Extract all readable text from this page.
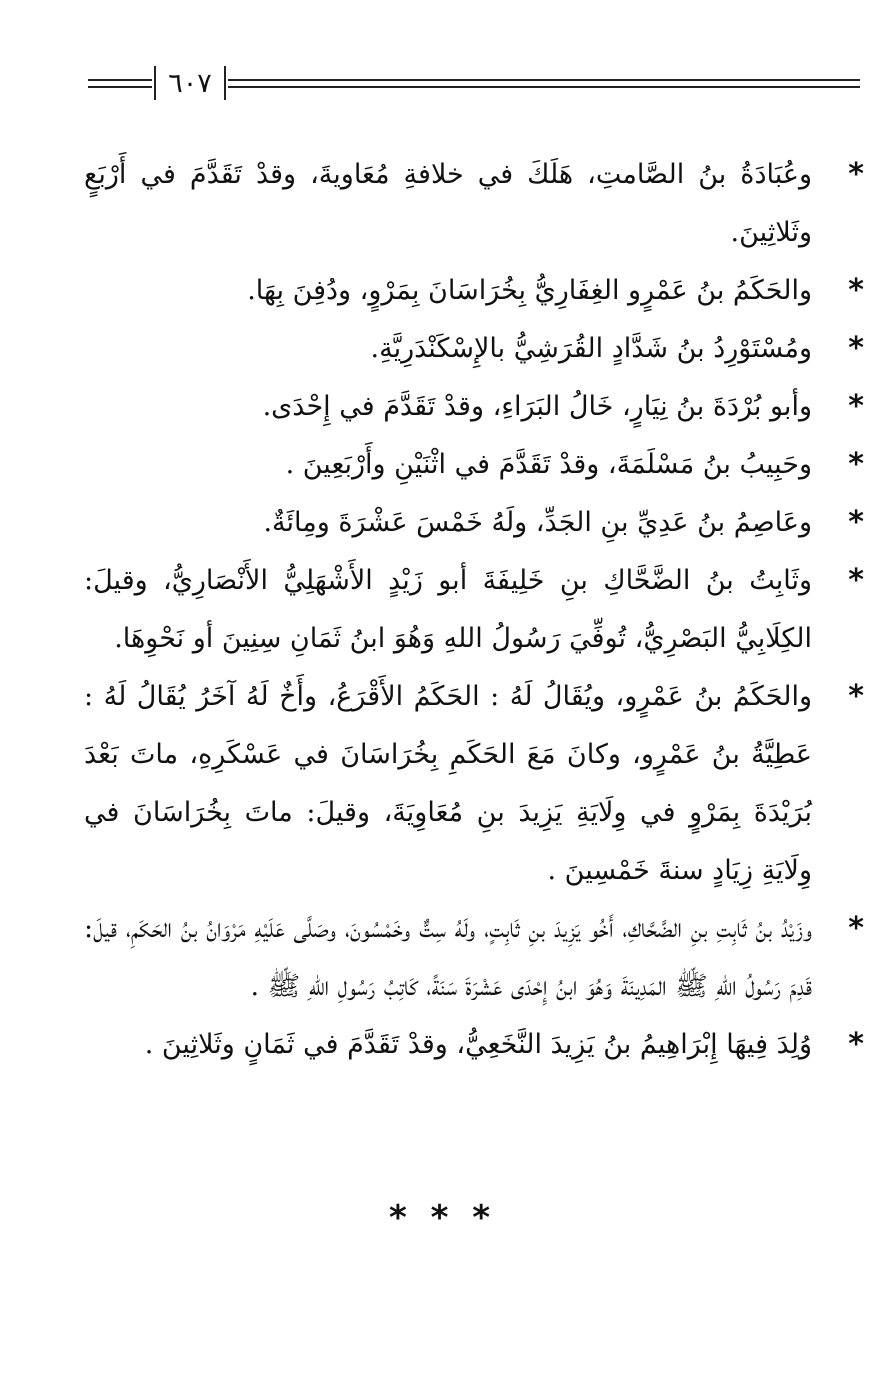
٦٠٧
*
وعُبَادَةُ بنُ الصَّامتِ، هَلَكَ في خلافةِ مُعَاويةَ، وقدْ تَقَدَّمَ في أَرْبَعٍ وثَلاثِينَ.
*
والحَكَمُ بنُ عَمْرٍو الغِفَارِيُّ بِخُرَاسَانَ بِمَرْوٍ، ودُفِنَ بِهَا.
*
ومُسْتَوْرِدُ بنُ شَدَّادٍ القُرَشِيُّ بالإِسْكَنْدَرِيَّةِ.
*
وأبو بُرْدَةَ بنُ نِيَارٍ، خَالُ البَرَاءِ، وقدْ تَقَدَّمَ في إِحْدَى.
*
وحَبِيبُ بنُ مَسْلَمَةَ، وقدْ تَقَدَّمَ في اثْنَيْنِ وأَرْبَعِينَ .
*
وعَاصِمُ بنُ عَدِيِّ بنِ الجَدِّ، ولَهُ خَمْسَ عَشْرَةَ ومِائَةٌ.
*
وثَابِتُ بنُ الضَّحَّاكِ بنِ خَلِيفَةَ أبو زَيْدٍ الأَشْهَلِيُّ الأَنْصَارِيُّ، وقيلَ: الكِلَابِيُّ البَصْرِيُّ، تُوفِّيَ رَسُولُ اللهِ وَهُوَ ابنُ ثَمَانِ سِنِينَ أو نَحْوِهَا.
*
والحَكَمُ بنُ عَمْرٍو، ويُقَالُ لَهُ : الحَكَمُ الأَقْرَعُ، وأَخٌ لَهُ آخَرُ يُقَالُ لَهُ : عَطِيَّةُ بنُ عَمْرٍو، وكانَ مَعَ الحَكَمِ بِخُرَاسَانَ في عَسْكَرِهِ، ماتَ بَعْدَ بُرَيْدَةَ بِمَرْوٍ في وِلَايَةِ يَزِيدَ بنِ مُعَاوِيَةَ، وقيلَ: ماتَ بِخُرَاسَانَ في وِلَايَةِ زِيَادٍ سنةَ خَمْسِينَ .
*
وزَيْدُ بنُ ثَابِتِ بنِ الضَّحَّاكِ، أَخُو يَزِيدَ بنِ ثَابِتٍ، ولَهُ سِتٌّ وخَمْسُونَ، وصَلَّى عَلَيْهِ مَرْوَانُ بنُ الحَكَمِ، قيلَ: قَدِمَ رَسُولُ اللهِ ﷺ المَدِينَةَ وَهُوَ ابنُ إِحْدَى عَشْرَةَ سَنَةً، كَاتِبُ رَسُولِ اللهِ ﷺ .
*
وُلِدَ فِيهَا إِبْرَاهِيمُ بنُ يَزِيدَ النَّخَعِيُّ، وقدْ تَقَدَّمَ في ثَمَانٍ وثَلاثِينَ .
* * *
